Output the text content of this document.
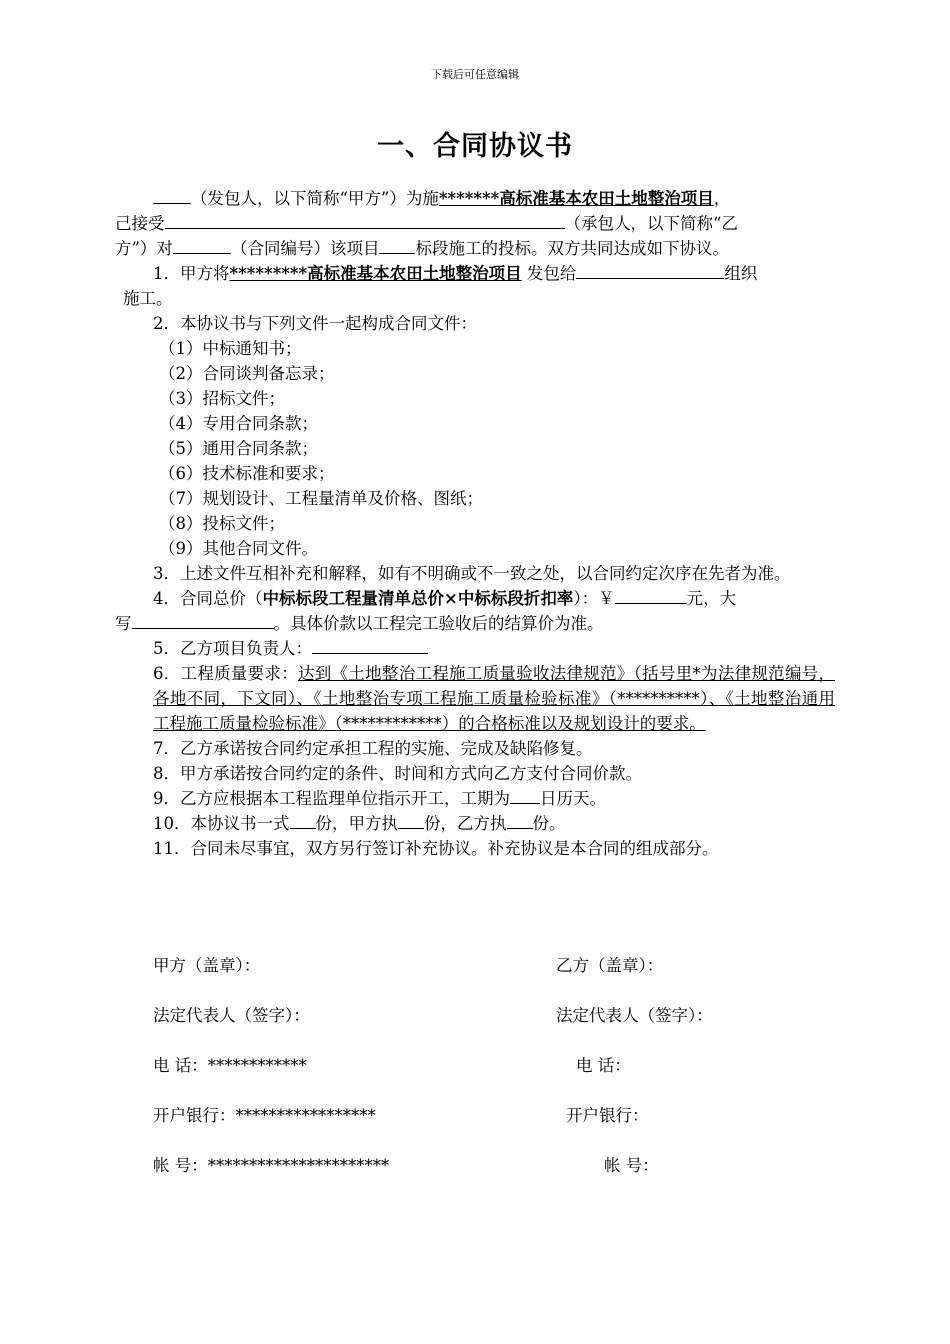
下载后可任意编辑
一、合同协议书

（发包人，以下简称“甲方”）为施*******高标准基本农田土地整治项目，

己接受	（承包人，以下简称“乙

方”）对	（合同编号）该项目 标段施工的投标。双方共同达成如下协议。

1．甲方将*********高标准基本农田土地整治项目 发包给	组织

施工。

2．本协议书与下列文件一起构成合同文件：

（1）中标通知书；

（2）合同谈判备忘录；

（3）招标文件；

（4）专用合同条款；

（5）通用合同条款；

（6）技术标准和要求；

（7）规划设计、工程量清单及价格、图纸；

（8）投标文件；

（9）其他合同文件。

3．上述文件互相补充和解释，如有不明确或不一致之处，以合同约定次序在先者为准。

4．合同总价（中标标段工程量清单总价×中标标段折扣率）：￥	元，大

写	。具体价款以工程完工验收后的结算价为准。

5．乙方项目负责人：

6．工程质量要求：达到《土地整治工程施工质量验收法律规范》（括号里*为法律规范编号，各地不同，下文同）、《土地整治专项工程施工质量检验标准》（**********）、《土地整治通用工程施工质量检验标准》（************）的合格标准以及规划设计的要求。

7．乙方承诺按合同约定承担工程的实施、完成及缺陷修复。

8．甲方承诺按合同约定的条件、时间和方式向乙方支付合同价款。

9．乙方应根据本工程监理单位指示开工，工期为 日历天。

10．本协议书一式 份，甲方执 份，乙方执 份。

11．合同未尽事宜，双方另行签订补充协议。补充协议是本合同的组成部分。

甲方（盖章）：	乙方（盖章）：
法定代表人（签字）：	法定代表人（签字）：
电 话：************	电 话：
开户银行：*****************	开户银行：
帐 号：**********************	帐 号：
